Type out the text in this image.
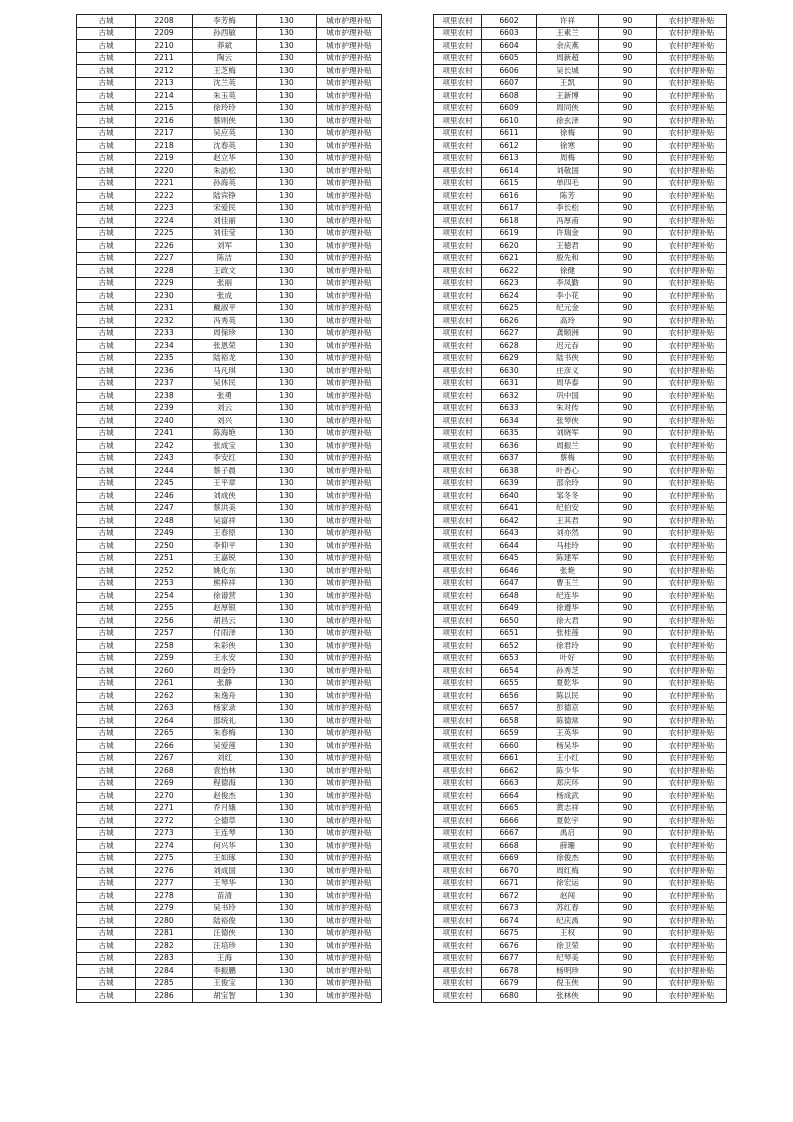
古城	2208	李芳梅	130	城市护理补贴
古城	2209	孙西敏	130	城市护理补贴
古城	2210	莽斌	130	城市护理补贴
古城	2211	陶云	130	城市护理补贴
古城	2212	王芝梅	130	城市护理补贴
古城	2213	沈兰英	130	城市护理补贴
古城	2214	朱玉英	130	城市护理补贴
古城	2215	徐玲玲	130	城市护理补贴
古城	2216	蔡则侠	130	城市护理补贴
古城	2217	吴应英	130	城市护理补贴
古城	2218	沈春英	130	城市护理补贴
古城	2219	赵立华	130	城市护理补贴
古城	2220	朱訪松	130	城市护理补贴
古城	2221	孙海英	130	城市护理补贴
古城	2222	陆宾铮	130	城市护理补贴
古城	2223	宋爱民	130	城市护理补贴
古城	2224	刘佳丽	130	城市护理补贴
古城	2225	刘佳莹	130	城市护理补贴
古城	2226	刘军	130	城市护理补贴
古城	2227	陈洁	130	城市护理补贴
古城	2228	王政文	130	城市护理补贴
古城	2229	张丽	130	城市护理补贴
古城	2230	张成	130	城市护理补贴
古城	2231	戴淑平	130	城市护理补贴
古城	2232	冯秀英	130	城市护理补贴
古城	2233	周保珍	130	城市护理补贴
古城	2234	张恩荣	130	城市护理补贴
古城	2235	陆裕龙	130	城市护理补贴
古城	2236	马凡琪	130	城市护理补贴
古城	2237	吴休民	130	城市护理补贴
古城	2238	张勇	130	城市护理补贴
古城	2239	刘云	130	城市护理补贴
古城	2240	刘兴	130	城市护理补贴
古城	2241	陈海艳	130	城市护理补贴
古城	2242	张成宝	130	城市护理补贴
古城	2243	李安红	130	城市护理补贴
古城	2244	蔡子晨	130	城市护理补贴
古城	2245	王平章	130	城市护理补贴
古城	2246	刘成侠	130	城市护理补贴
古城	2247	蔡洪美	130	城市护理补贴
古城	2248	吴富祥	130	城市护理补贴
古城	2249	王春原	130	城市护理补贴
古城	2250	李仰平	130	城市护理补贴
古城	2251	王嘉锐	130	城市护理补贴
古城	2252	姚化东	130	城市护理补贴
古城	2253	熊梓祥	130	城市护理补贴
古城	2254	徐谱营	130	城市护理补贴
古城	2255	赵厚银	130	城市护理补贴
古城	2256	胡昌云	130	城市护理补贴
古城	2257	付雨泽	130	城市护理补贴
古城	2258	朱彩侠	130	城市护理补贴
古城	2259	王永安	130	城市护理补贴
古城	2260	周金玲	130	城市护理补贴
古城	2261	张静	130	城市护理补贴
古城	2262	朱逸舟	130	城市护理补贴
古城	2263	杨家录	130	城市护理补贴
古城	2264	邵统礼	130	城市护理补贴
古城	2265	朱春梅	130	城市护理补贴
古城	2266	吴爱莲	130	城市护理补贴
古城	2267	刘红	130	城市护理补贴
古城	2268	袁怡林	130	城市护理补贴
古城	2269	程德海	130	城市护理补贴
古城	2270	赵俊杰	130	城市护理补贴
古城	2271	乔月娥	130	城市护理补贴
古城	2272	仝德草	130	城市护理补贴
古城	2273	王连琴	130	城市护理补贴
古城	2274	何兴华	130	城市护理补贴
古城	2275	王如琢	130	城市护理补贴
古城	2276	刘成国	130	城市护理补贴
古城	2277	王琴华	130	城市护理补贴
古城	2278	苗清	130	城市护理补贴
古城	2279	吴书玲	130	城市护理补贴
古城	2280	陆裕俊	130	城市护理补贴
古城	2281	汪德侠	130	城市护理补贴
古城	2282	汪培珍	130	城市护理补贴
古城	2283	王海	130	城市护理补贴
古城	2284	李振鹏	130	城市护理补贴
古城	2285	王俊宝	130	城市护理补贴
古城	2286	胡宝智	130	城市护理补贴
项里农村	6602	许祥	90	农村护理补贴
项里农村	6603	王素兰	90	农村护理补贴
项里农村	6604	余庆燕	90	农村护理补贴
项里农村	6605	周新超	90	农村护理补贴
项里农村	6606	吴长城	90	农村护理补贴
项里农村	6607	王凯	90	农村护理补贴
项里农村	6608	王新博	90	农村护理补贴
项里农村	6609	周同侠	90	农村护理补贴
项里农村	6610	徐玄泽	90	农村护理补贴
项里农村	6611	徐梅	90	农村护理补贴
项里农村	6612	徐寒	90	农村护理补贴
项里农村	6613	周梅	90	农村护理补贴
项里农村	6614	刘敬国	90	农村护理补贴
项里农村	6615	单四毛	90	农村护理补贴
项里农村	6616	陈芳	90	农村护理补贴
项里农村	6617	李长松	90	农村护理补贴
项里农村	6618	冯厚甫	90	农村护理补贴
项里农村	6619	许瑞金	90	农村护理补贴
项里农村	6620	王徳君	90	农村护理补贴
项里农村	6621	殷先和	90	农村护理补贴
项里农村	6622	徐健	90	农村护理补贴
项里农村	6623	李凤勤	90	农村护理补贴
项里农村	6624	李小花	90	农村护理补贴
项里农村	6625	纪元金	90	农村护理补贴
项里农村	6626	高玲	90	农村护理补贴
项里农村	6627	龚顺洲	90	农村护理补贴
项里农村	6628	迟元吞	90	农村护理补贴
项里农村	6629	陆书侠	90	农村护理补贴
项里农村	6630	庄彦义	90	农村护理补贴
项里农村	6631	周华泰	90	农村护理补贴
项里农村	6632	巩中国	90	农村护理补贴
项里农村	6633	朱对传	90	农村护理补贴
项里农村	6634	张琴侠	90	农村护理补贴
项里农村	6635	刘晓军	90	农村护理补贴
项里农村	6636	周振兰	90	农村护理补贴
项里农村	6637	蔡梅	90	农村护理补贴
项里农村	6638	叶香心	90	农村护理补贴
项里农村	6639	邵余玲	90	农村护理补贴
项里农村	6640	邹冬冬	90	农村护理补贴
项里农村	6641	纪伯安	90	农村护理补贴
项里农村	6642	王其君	90	农村护理补贴
项里农村	6643	刘亦然	90	农村护理补贴
项里农村	6644	马桂玲	90	农村护理补贴
项里农村	6645	陈建军	90	农村护理补贴
项里农村	6646	张艳	90	农村护理补贴
项里农村	6647	曹玉兰	90	农村护理补贴
项里农村	6648	纪连华	90	农村护理补贴
项里农村	6649	徐遵华	90	农村护理补贴
项里农村	6650	徐大君	90	农村护理补贴
项里农村	6651	张桂莲	90	农村护理补贴
项里农村	6652	徐君玲	90	农村护理补贴
项里农村	6653	叶好	90	农村护理补贴
项里农村	6654	孙秀芝	90	农村护理补贴
项里农村	6655	夏乾华	90	农村护理补贴
项里农村	6656	陈以民	90	农村护理补贴
项里农村	6657	彭德京	90	农村护理补贴
项里农村	6658	陈德常	90	农村护理补贴
项里农村	6659	王英华	90	农村护理补贴
项里农村	6660	杨吴华	90	农村护理补贴
项里农村	6661	王小红	90	农村护理补贴
项里农村	6662	陈少华	90	农村护理补贴
项里农村	6663	郑庆环	90	农村护理补贴
项里农村	6664	杨成武	90	农村护理补贴
项里农村	6665	黄志祥	90	农村护理补贴
项里农村	6666	夏乾宇	90	农村护理补贴
项里农村	6667	禹启	90	农村护理补贴
项里农村	6668	薛珊	90	农村护理补贴
项里农村	6669	徐俊杰	90	农村护理补贴
项里农村	6670	周红梅	90	农村护理补贴
项里农村	6671	徐宏运	90	农村护理补贴
项里农村	6672	赵闯	90	农村护理补贴
项里农村	6673	苏红春	90	农村护理补贴
项里农村	6674	纪庆禹	90	农村护理补贴
项里农村	6675	王权	90	农村护理补贴
项里农村	6676	徐卫荣	90	农村护理补贴
项里农村	6677	纪琴美	90	农村护理补贴
项里农村	6678	杨明珍	90	农村护理补贴
项里农村	6679	倪玉侠	90	农村护理补贴
项里农村	6680	张林侠	90	农村护理补贴
